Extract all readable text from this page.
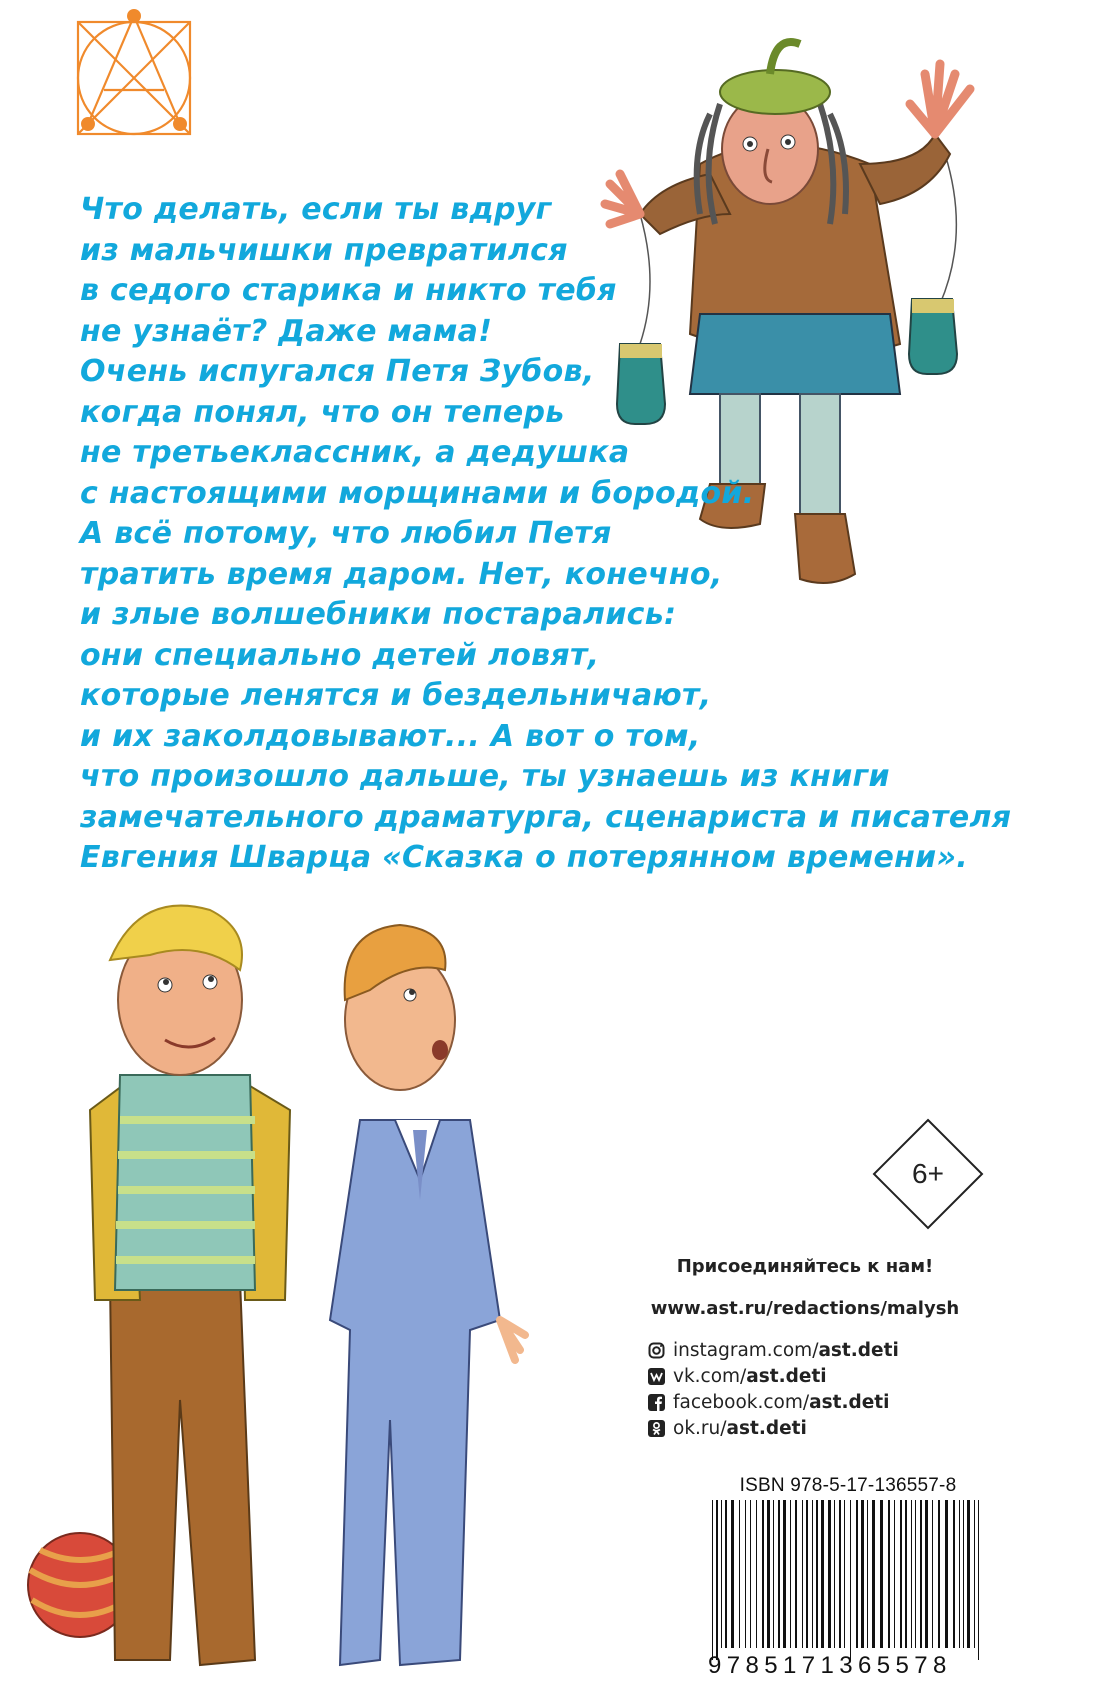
Что делать, если ты вдруг
из мальчишки превратился
в седого старика и никто тебя
не узнаёт? Даже мама!
Очень испугался Петя Зубов,
когда понял, что он теперь
не третьеклассник, а дедушка
с настоящими морщинами и бородой.
А всё потому, что любил Петя
тратить время даром. Нет, конечно,
и злые волшебники постарались:
они специально детей ловят,
которые ленятся и бездельничают,
и их заколдовывают... А вот о том,
что произошло дальше, ты узнаешь из книги
замечательного драматурга, сценариста и писателя
Евгения Шварца «Сказка о потерянном времени».
6+
Присоединяйтесь к нам!
www.ast.ru/redactions/malysh
instagram.com/ ast.deti
vk.com/ ast.deti
facebook.com/ ast.deti
ok.ru/ ast.deti
ISBN 978-5-17-136557-8
9785171365578
